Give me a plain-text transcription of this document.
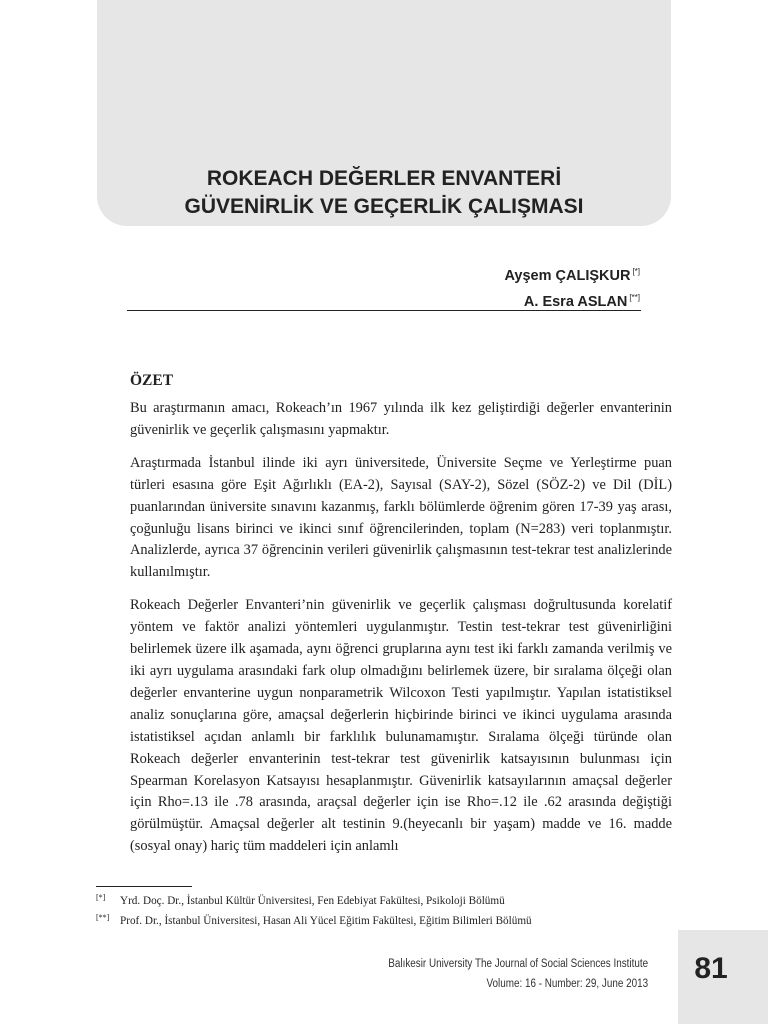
ROKEACH DEĞERLER ENVANTERİ
GÜVENİRLİK VE GEÇERLİK ÇALIŞMASI
Ayşem ÇALIŞKUR [*]
A. Esra ASLAN [**]
ÖZET

Bu araştırmanın amacı, Rokeach’ın 1967 yılında ilk kez geliştirdiği değerler envanterinin güvenirlik ve geçerlik çalışmasını yapmaktır.

Araştırmada İstanbul ilinde iki ayrı üniversitede, Üniversite Seçme ve Yerleştirme puan türleri esasına göre Eşit Ağırlıklı (EA-2), Sayısal (SAY-2), Sözel (SÖZ-2) ve Dil (DİL) puanlarından üniversite sınavını kazanmış, farklı bölümlerde öğrenim gören 17-39 yaş arası, çoğunluğu lisans birinci ve ikinci sınıf öğrencilerinden, toplam (N=283) veri toplanmıştır. Analizlerde, ayrıca 37 öğrencinin verileri güvenirlik çalışmasının test-tekrar test analizlerinde kullanılmıştır.

Rokeach Değerler Envanteri’nin güvenirlik ve geçerlik çalışması doğrultusunda korelatif yöntem ve faktör analizi yöntemleri uygulanmıştır. Testin test-tekrar test güvenirliğini belirlemek üzere ilk aşamada, aynı öğrenci gruplarına aynı test iki farklı zamanda verilmiş ve iki ayrı uygulama arasındaki fark olup olmadığını belirlemek üzere, bir sıralama ölçeği olan değerler envanterine uygun nonparametrik Wilcoxon Testi yapılmıştır. Yapılan istatistiksel analiz sonuçlarına göre, amaçsal değerlerin hiçbirinde birinci ve ikinci uygulama arasında istatistiksel açıdan anlamlı bir farklılık bulunamamıştır. Sıralama ölçeği türünde olan Rokeach değerler envanterinin test-tekrar test güvenirlik katsayısının bulunması için Spearman Korelasyon Katsayısı hesaplanmıştır. Güvenirlik katsayılarının amaçsal değerler için Rho=.13 ile .78 arasında, araçsal değerler için ise Rho=.12 ile .62 arasında değiştiği görülmüştür. Amaçsal değerler alt testinin 9.(heyecanlı bir yaşam) madde ve 16. madde (sosyal onay) hariç tüm maddeleri için anlamlı

[*]	Yrd. Doç. Dr., İstanbul Kültür Üniversitesi, Fen Edebiyat Fakültesi, Psikoloji Bölümü
[**] Prof. Dr., İstanbul Üniversitesi, Hasan Ali Yücel Eğitim Fakültesi, Eğitim Bilimleri Bölümü
Balıkesir University The Journal of Social Sciences Institute
Volume: 16 - Number: 29, June 2013	81
